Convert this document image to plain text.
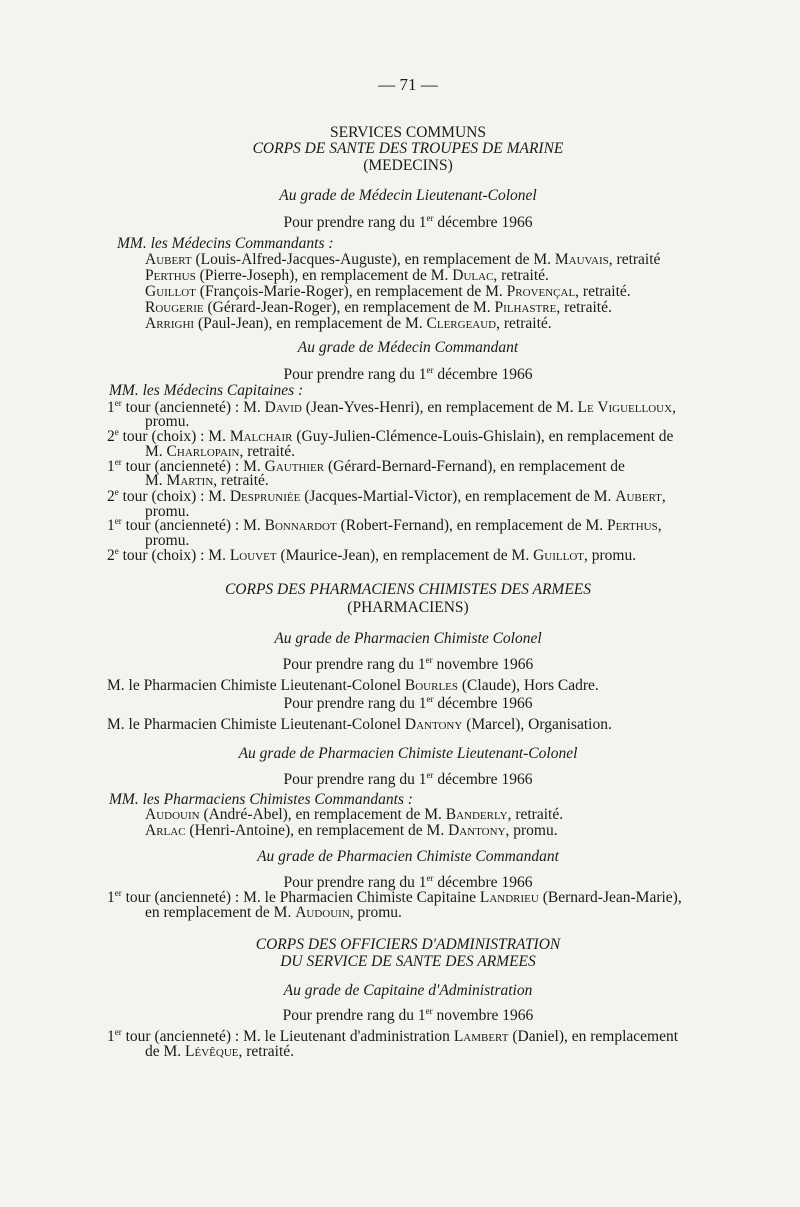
— 71 —
SERVICES COMMUNS
CORPS DE SANTE DES TROUPES DE MARINE
(MEDECINS)
Au grade de Médecin Lieutenant-Colonel
Pour prendre rang du 1er décembre 1966
MM. les Médecins Commandants :
Aubert (Louis-Alfred-Jacques-Auguste), en remplacement de M. Mauvais, retraité
Perthus (Pierre-Joseph), en remplacement de M. Dulac, retraité.
Guillot (François-Marie-Roger), en remplacement de M. Provençal, retraité.
Rougerie (Gérard-Jean-Roger), en remplacement de M. Pilhastre, retraité.
Arrighi (Paul-Jean), en remplacement de M. Clergeaud, retraité.
Au grade de Médecin Commandant
Pour prendre rang du 1er décembre 1966
MM. les Médecins Capitaines :
1er tour (ancienneté) : M. David (Jean-Yves-Henri), en remplacement de M. Le Viguelloux,
promu.
2e tour (choix) : M. Malchair (Guy-Julien-Clémence-Louis-Ghislain), en remplacement de
M. Charlopain, retraité.
1er tour (ancienneté) : M. Gauthier (Gérard-Bernard-Fernand), en remplacement de
M. Martin, retraité.
2e tour (choix) : M. Despruniée (Jacques-Martial-Victor), en remplacement de M. Aubert,
promu.
1er tour (ancienneté) : M. Bonnardot (Robert-Fernand), en remplacement de M. Perthus,
promu.
2e tour (choix) : M. Louvet (Maurice-Jean), en remplacement de M. Guillot, promu.
CORPS DES PHARMACIENS CHIMISTES DES ARMEES
(PHARMACIENS)
Au grade de Pharmacien Chimiste Colonel
Pour prendre rang du 1er novembre 1966
M. le Pharmacien Chimiste Lieutenant-Colonel Bourles (Claude), Hors Cadre.
Pour prendre rang du 1er décembre 1966
M. le Pharmacien Chimiste Lieutenant-Colonel Dantony (Marcel), Organisation.
Au grade de Pharmacien Chimiste Lieutenant-Colonel
Pour prendre rang du 1er décembre 1966
MM. les Pharmaciens Chimistes Commandants :
Audouin (André-Abel), en remplacement de M. Banderly, retraité.
Arlac (Henri-Antoine), en remplacement de M. Dantony, promu.
Au grade de Pharmacien Chimiste Commandant
Pour prendre rang du 1er décembre 1966
1er tour (ancienneté) : M. le Pharmacien Chimiste Capitaine Landrieu (Bernard-Jean-Marie),
en remplacement de M. Audouin, promu.
CORPS DES OFFICIERS D'ADMINISTRATION
DU SERVICE DE SANTE DES ARMEES
Au grade de Capitaine d'Administration
Pour prendre rang du 1er novembre 1966
1er tour (ancienneté) : M. le Lieutenant d'administration Lambert (Daniel), en remplacement
de M. Lévêque, retraité.
